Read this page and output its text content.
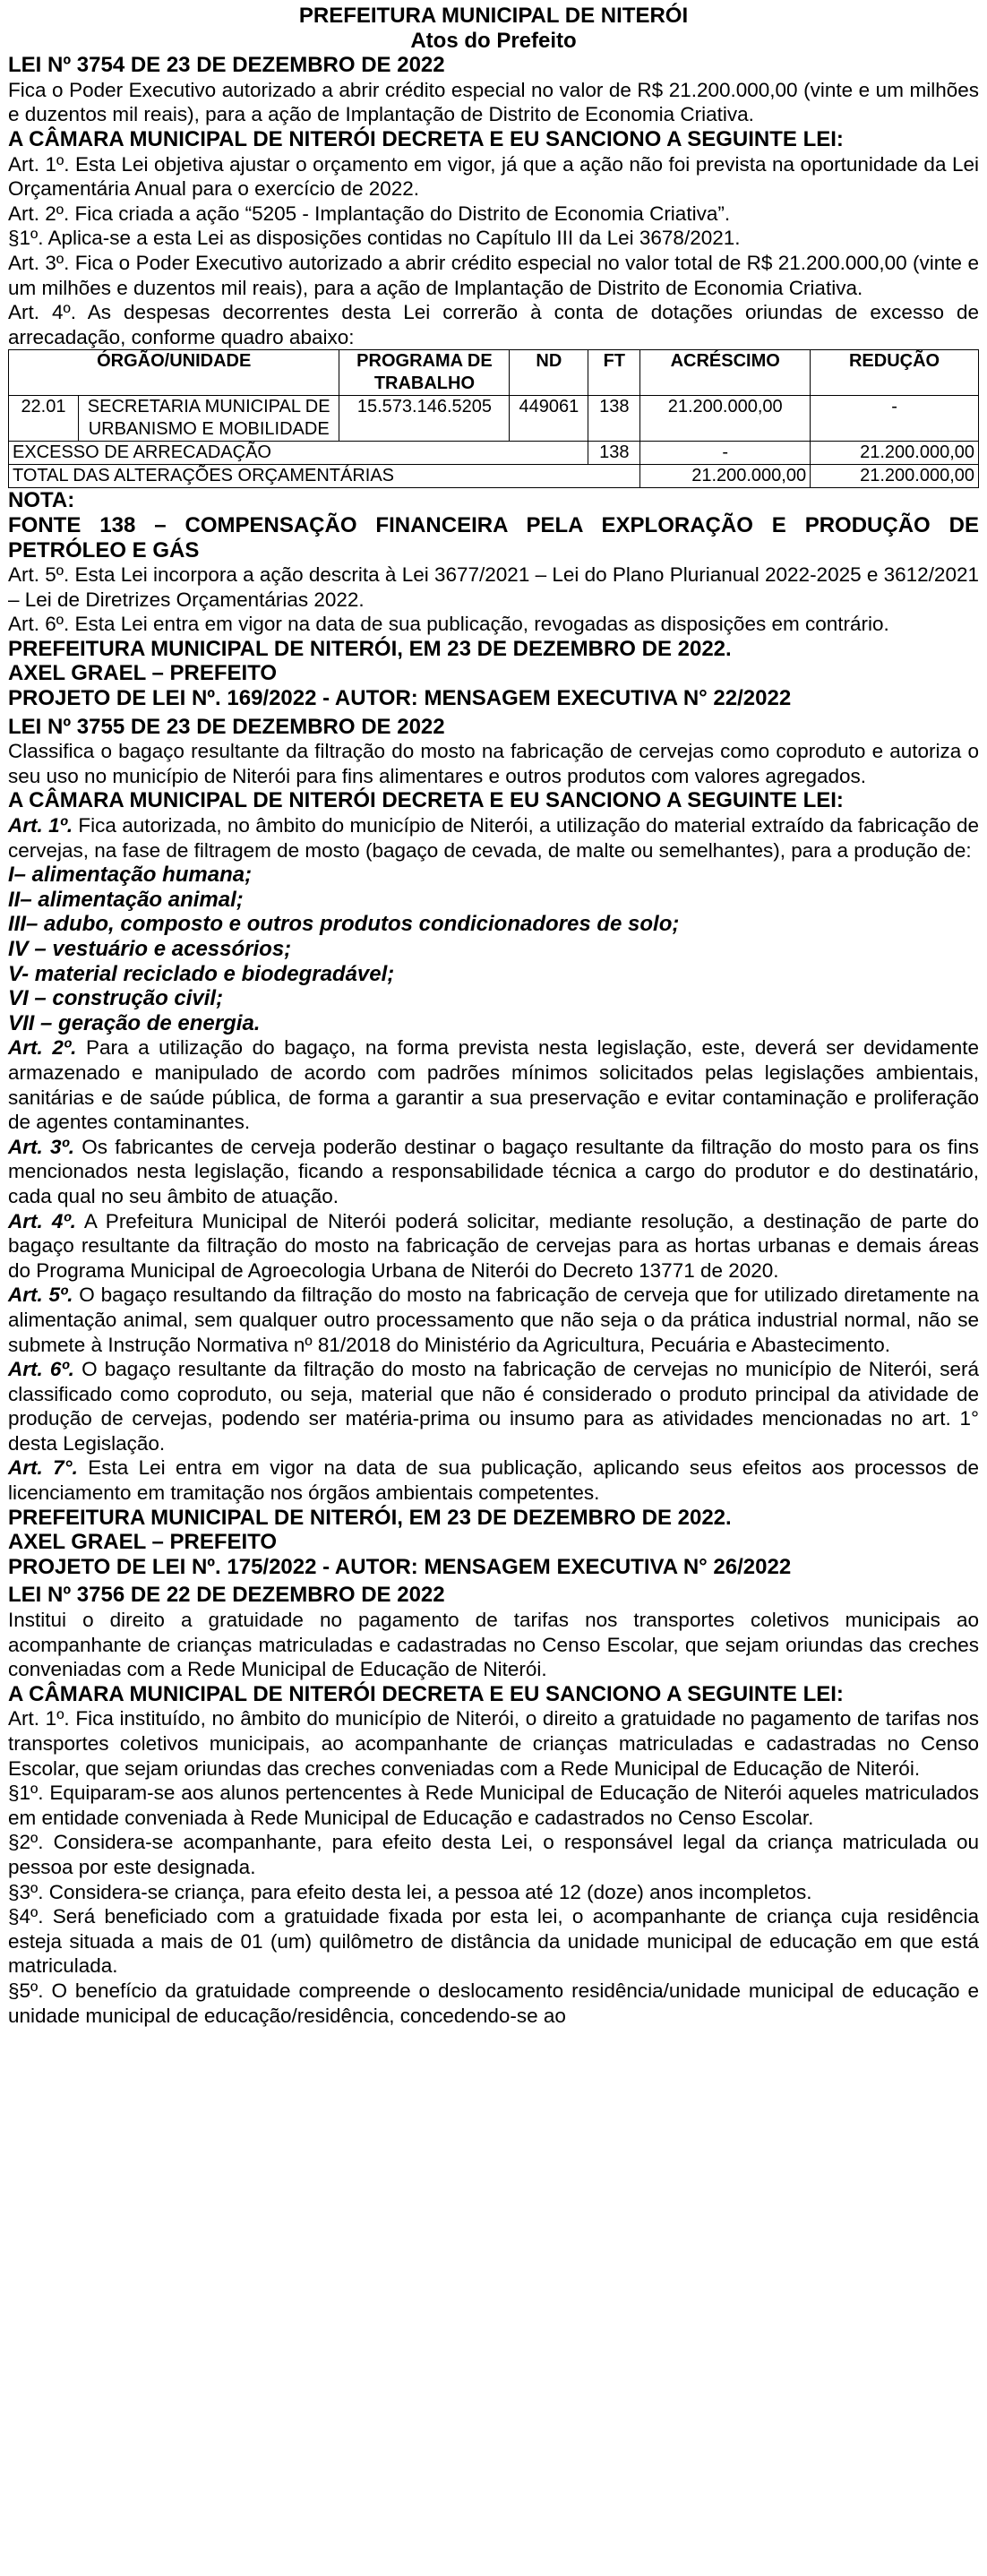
PREFEITURA MUNICIPAL DE NITERÓI

Atos do Prefeito

LEI Nº 3754 DE 23 DE DEZEMBRO DE 2022

Fica o Poder Executivo autorizado a abrir crédito especial no valor de R$ 21.200.000,00 (vinte e um milhões e duzentos mil reais), para a ação de Implantação de Distrito de Economia Criativa.

A CÂMARA MUNICIPAL DE NITERÓI DECRETA E EU SANCIONO A SEGUINTE LEI:

Art. 1º. Esta Lei objetiva ajustar o orçamento em vigor, já que a ação não foi prevista na oportunidade da Lei Orçamentária Anual para o exercício de 2022.

Art. 2º. Fica criada a ação “5205 - Implantação do Distrito de Economia Criativa”.

§1º. Aplica-se a esta Lei as disposições contidas no Capítulo III da Lei 3678/2021.

Art. 3º. Fica o Poder Executivo autorizado a abrir crédito especial no valor total de R$ 21.200.000,00 (vinte e um milhões e duzentos mil reais), para a ação de Implantação de Distrito de Economia Criativa.

Art. 4º. As despesas decorrentes desta Lei correrão à conta de dotações oriundas de excesso de arrecadação, conforme quadro abaixo:

ÓRGÃO/UNIDADE		PROGRAMA DE TRABALHO	ND	FT	ACRÉSCIMO	REDUÇÃO
22.01	SECRETARIA MUNICIPAL DE URBANISMO E MOBILIDADE	15.573.146.5205	449061	138	21.200.000,00	-
EXCESSO DE ARRECADAÇÃO				138	-	21.200.000,00
TOTAL DAS ALTERAÇÕES ORÇAMENTÁRIAS					21.200.000,00	21.200.000,00

NOTA:

FONTE 138 – COMPENSAÇÃO FINANCEIRA PELA EXPLORAÇÃO E PRODUÇÃO DE PETRÓLEO E GÁS

Art. 5º. Esta Lei incorpora a ação descrita à Lei 3677/2021 – Lei do Plano Plurianual 2022-2025 e 3612/2021 – Lei de Diretrizes Orçamentárias 2022.

Art. 6º. Esta Lei entra em vigor na data de sua publicação, revogadas as disposições em contrário.

PREFEITURA MUNICIPAL DE NITERÓI, EM 23 DE DEZEMBRO DE 2022.

AXEL GRAEL – PREFEITO

PROJETO DE LEI Nº. 169/2022 - AUTOR: MENSAGEM EXECUTIVA N° 22/2022

LEI Nº 3755 DE 23 DE DEZEMBRO DE 2022

Classifica o bagaço resultante da filtração do mosto na fabricação de cervejas como coproduto e autoriza o seu uso no município de Niterói para fins alimentares e outros produtos com valores agregados.

A CÂMARA MUNICIPAL DE NITERÓI DECRETA E EU SANCIONO A SEGUINTE LEI:

Art. 1º. Fica autorizada, no âmbito do município de Niterói, a utilização do material extraído da fabricação de cervejas, na fase de filtragem de mosto (bagaço de cevada, de malte ou semelhantes), para a produção de:

I– alimentação humana;

II– alimentação animal;

III– adubo, composto e outros produtos condicionadores de solo;

IV – vestuário e acessórios;

V- material reciclado e biodegradável;

VI – construção civil;

VII – geração de energia.

Art. 2º. Para a utilização do bagaço, na forma prevista nesta legislação, este, deverá ser devidamente armazenado e manipulado de acordo com padrões mínimos solicitados pelas legislações ambientais, sanitárias e de saúde pública, de forma a garantir a sua preservação e evitar contaminação e proliferação de agentes contaminantes.

Art. 3º. Os fabricantes de cerveja poderão destinar o bagaço resultante da filtração do mosto para os fins mencionados nesta legislação, ficando a responsabilidade técnica a cargo do produtor e do destinatário, cada qual no seu âmbito de atuação.

Art. 4º. A Prefeitura Municipal de Niterói poderá solicitar, mediante resolução, a destinação de parte do bagaço resultante da filtração do mosto na fabricação de cervejas para as hortas urbanas e demais áreas do Programa Municipal de Agroecologia Urbana de Niterói do Decreto 13771 de 2020.

Art. 5º. O bagaço resultando da filtração do mosto na fabricação de cerveja que for utilizado diretamente na alimentação animal, sem qualquer outro processamento que não seja o da prática industrial normal, não se submete à Instrução Normativa nº 81/2018 do Ministério da Agricultura, Pecuária e Abastecimento.

Art. 6º. O bagaço resultante da filtração do mosto na fabricação de cervejas no município de Niterói, será classificado como coproduto, ou seja, material que não é considerado o produto principal da atividade de produção de cervejas, podendo ser matéria-prima ou insumo para as atividades mencionadas no art. 1° desta Legislação.

Art. 7°. Esta Lei entra em vigor na data de sua publicação, aplicando seus efeitos aos processos de licenciamento em tramitação nos órgãos ambientais competentes.

PREFEITURA MUNICIPAL DE NITERÓI, EM 23 DE DEZEMBRO DE 2022.

AXEL GRAEL – PREFEITO

PROJETO DE LEI Nº. 175/2022 - AUTOR: MENSAGEM EXECUTIVA N° 26/2022

LEI Nº 3756 DE 22 DE DEZEMBRO DE 2022

Institui o direito a gratuidade no pagamento de tarifas nos transportes coletivos municipais ao acompanhante de crianças matriculadas e cadastradas no Censo Escolar, que sejam oriundas das creches conveniadas com a Rede Municipal de Educação de Niterói.

A CÂMARA MUNICIPAL DE NITERÓI DECRETA E EU SANCIONO A SEGUINTE LEI:

Art. 1º. Fica instituído, no âmbito do município de Niterói, o direito a gratuidade no pagamento de tarifas nos transportes coletivos municipais, ao acompanhante de crianças matriculadas e cadastradas no Censo Escolar, que sejam oriundas das creches conveniadas com a Rede Municipal de Educação de Niterói.

§1º. Equiparam-se aos alunos pertencentes à Rede Municipal de Educação de Niterói aqueles matriculados em entidade conveniada à Rede Municipal de Educação e cadastrados no Censo Escolar.

§2º. Considera-se acompanhante, para efeito desta Lei, o responsável legal da criança matriculada ou pessoa por este designada.

§3º. Considera-se criança, para efeito desta lei, a pessoa até 12 (doze) anos incompletos.

§4º. Será beneficiado com a gratuidade fixada por esta lei, o acompanhante de criança cuja residência esteja situada a mais de 01 (um) quilômetro de distância da unidade municipal de educação em que está matriculada.

§5º. O benefício da gratuidade compreende o deslocamento residência/unidade municipal de educação e unidade municipal de educação/residência, concedendo-se ao
